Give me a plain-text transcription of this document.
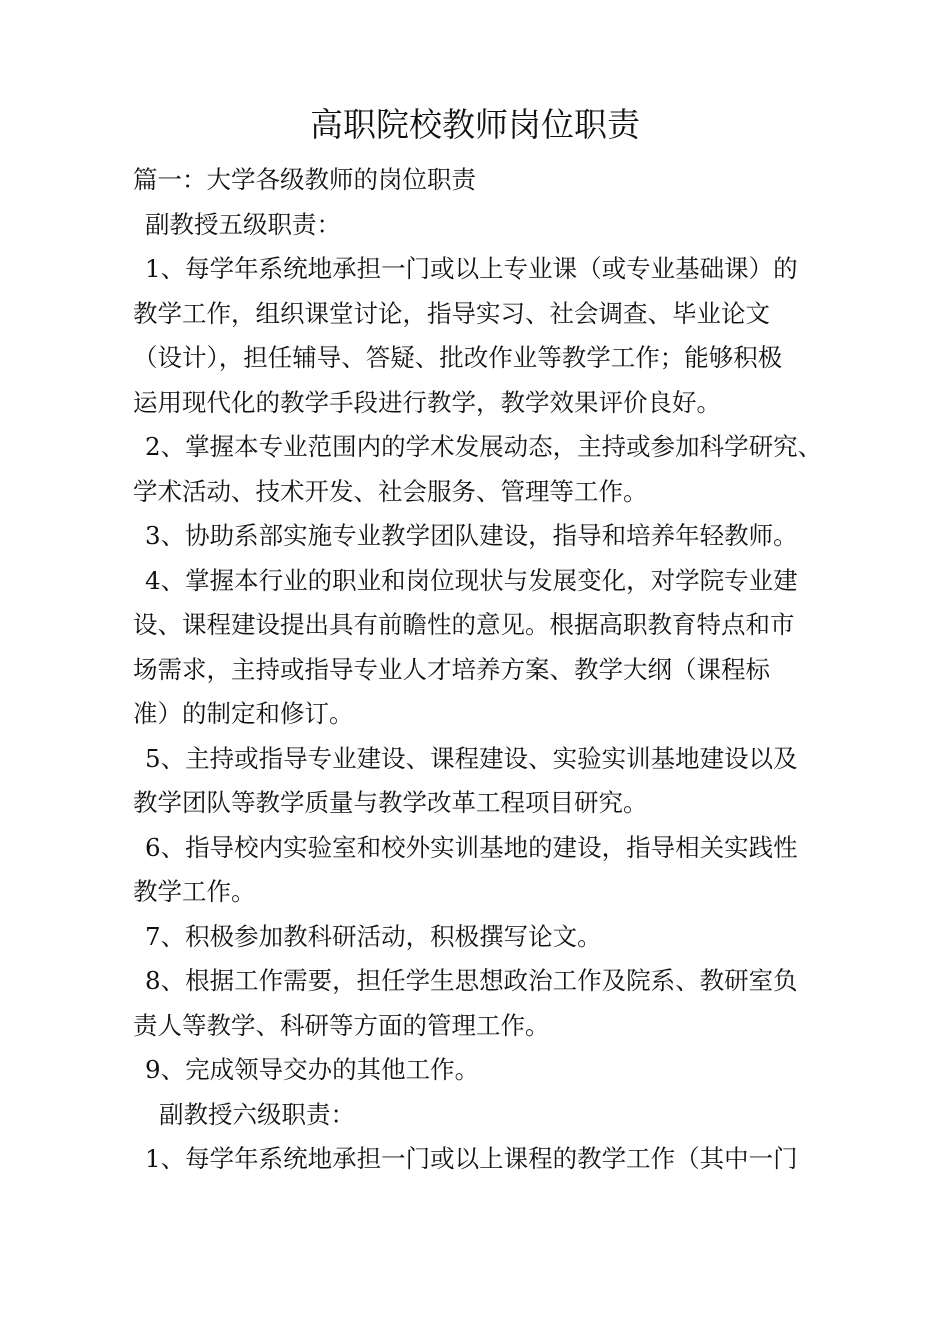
高职院校教师岗位职责
篇一：大学各级教师的岗位职责
副教授五级职责：
1、每学年系统地承担一门或以上专业课（或专业基础课）的
教学工作，组织课堂讨论，指导实习、社会调查、毕业论文
（设计），担任辅导、答疑、批改作业等教学工作；能够积极
运用现代化的教学手段进行教学，教学效果评价良好。
2、掌握本专业范围内的学术发展动态，主持或参加科学研究、
学术活动、技术开发、社会服务、管理等工作。
3、协助系部实施专业教学团队建设，指导和培养年轻教师。
4、掌握本行业的职业和岗位现状与发展变化，对学院专业建
设、课程建设提出具有前瞻性的意见。根据高职教育特点和市
场需求，主持或指导专业人才培养方案、教学大纲（课程标
准）的制定和修订。
5、主持或指导专业建设、课程建设、实验实训基地建设以及
教学团队等教学质量与教学改革工程项目研究。
6、指导校内实验室和校外实训基地的建设，指导相关实践性
教学工作。
7、积极参加教科研活动，积极撰写论文。
8、根据工作需要，担任学生思想政治工作及院系、教研室负
责人等教学、科研等方面的管理工作。
9、完成领导交办的其他工作。
副教授六级职责：
1、每学年系统地承担一门或以上课程的教学工作（其中一门
